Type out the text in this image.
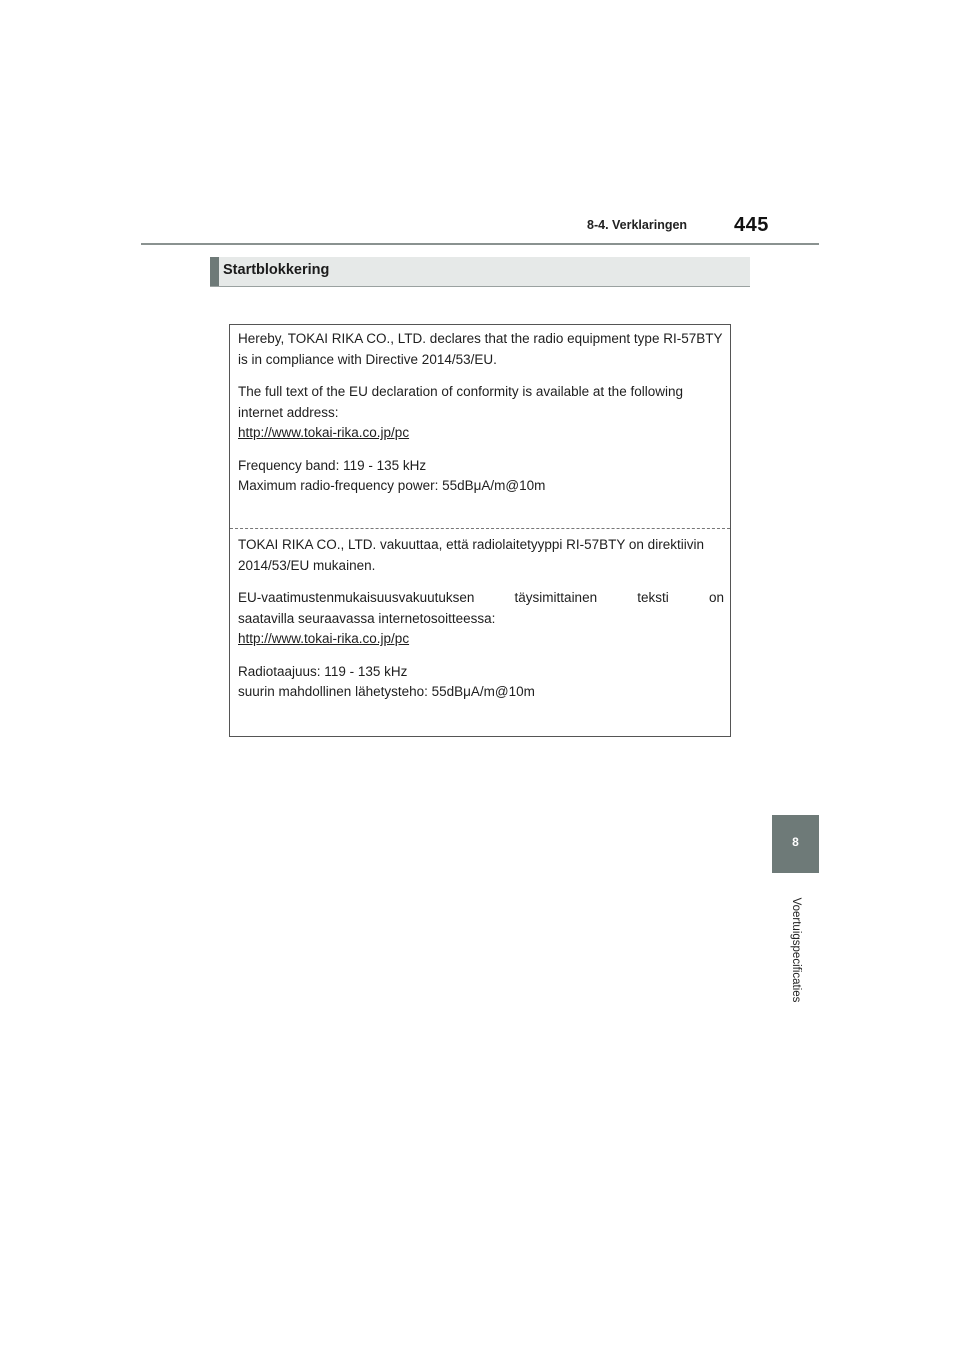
8-4. Verklaringen	445
Startblokkering

Hereby, TOKAI RIKA CO., LTD. declares that the radio equipment type RI-57BTY is in compliance with Directive 2014/53/EU.

The full text of the EU declaration of conformity is available at the following internet address:

http://www.tokai-rika.co.jp/pc

Frequency band: 119 - 135 kHz

Maximum radio-frequency power: 55dBμA/m@10m

TOKAI RIKA CO., LTD. vakuuttaa, että radiolaitetyyppi RI-57BTY on direktiivin 2014/53/EU mukainen.

EU-vaatimustenmukaisuusvakuutuksen täysimittainen teksti on

saatavilla seuraavassa internetosoitteessa:

http://www.tokai-rika.co.jp/pc

Radiotaajuus: 119 - 135 kHz

suurin mahdollinen lähetysteho: 55dBμA/m@10m

8
Voertuigspecificaties
